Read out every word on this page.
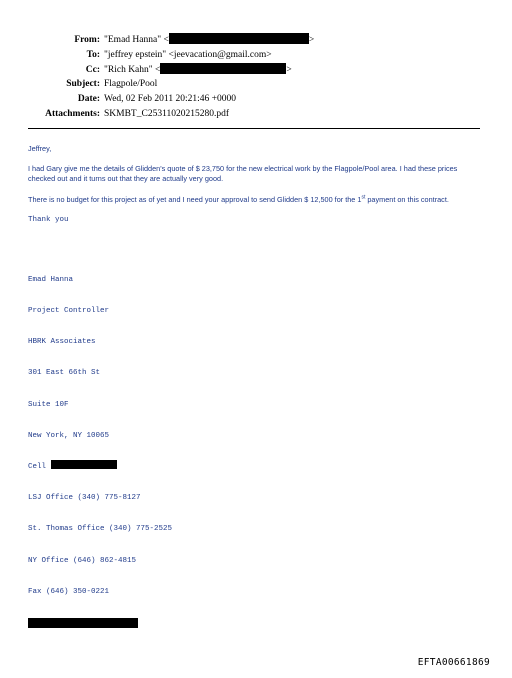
From: "Emad Hanna" <	>
To: "jeffrey epstein" <jeevacation@gmail.com>
Cc: "Rich Kahn" <	>
Subject: Flagpole/Pool
Date: Wed, 02 Feb 2011 20:21:46 +0000
Attachments: SKMBT_C25311020215280.pdf

Jeffrey,

I had Gary give me the details of Glidden's quote of $ 23,750 for the new electrical work by the Flagpole/Pool area. I had these prices checked out and it turns out that they are actually very good.

There is no budget for this project as of yet and I need your approval to send Glidden $ 12,500 for the 1st payment on this contract.

Thank you

Emad Hanna

Project Controller

HBRK Associates

301 East 66th St

Suite 10F

New York, NY 10065

Cell

LSJ Office (340) 775-8127

St. Thomas Office (340) 775-2525

NY Office (646) 862-4815

Fax (646) 350-0221

EFTA00661869
